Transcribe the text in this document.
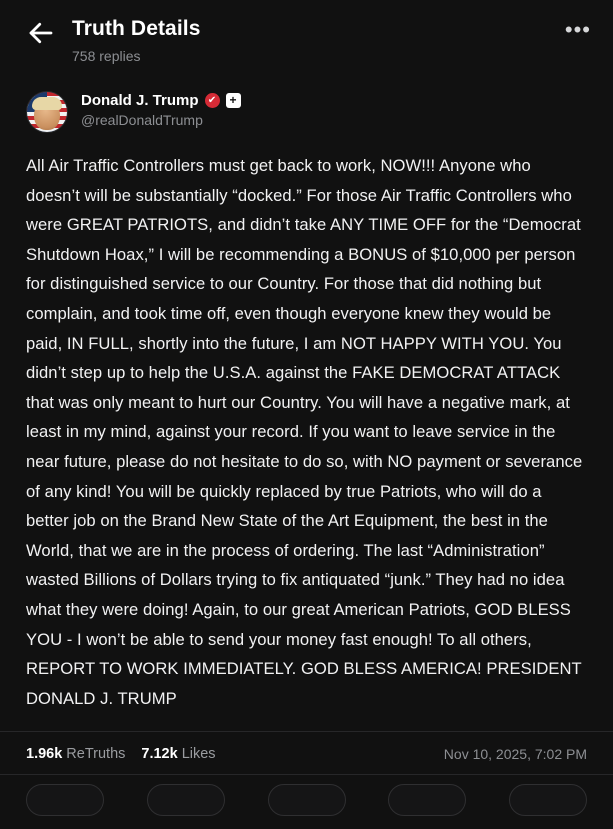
Truth Details
758 replies
•••
Donald J. Trump ✔	+
@realDonaldTrump
All Air Traffic Controllers must get back to work, NOW!!! Anyone who doesn’t will be substantially “docked.” For those Air Traffic Controllers who were GREAT PATRIOTS, and didn’t take ANY TIME OFF for the “Democrat Shutdown Hoax,” I will be recommending a BONUS of $10,000 per person for distinguished service to our Country. For those that did nothing but complain, and took time off, even though everyone knew they would be paid, IN FULL, shortly into the future, I am NOT HAPPY WITH YOU. You didn’t step up to help the U.S.A. against the FAKE DEMOCRAT ATTACK that was only meant to hurt our Country. You will have a negative mark, at least in my mind, against your record. If you want to leave service in the near future, please do not hesitate to do so, with NO payment or severance of any kind! You will be quickly replaced by true Patriots, who will do a better job on the Brand New State of the Art Equipment, the best in the World, that we are in the process of ordering. The last “Administration” wasted Billions of Dollars trying to fix antiquated “junk.” They had no idea what they were doing! Again, to our great American Patriots, GOD BLESS YOU - I won’t be able to send your money fast enough! To all others, REPORT TO WORK IMMEDIATELY. GOD BLESS AMERICA! PRESIDENT DONALD J. TRUMP
1.96k ReTruths 7.12k Likes	Nov 10, 2025, 7:02 PM
